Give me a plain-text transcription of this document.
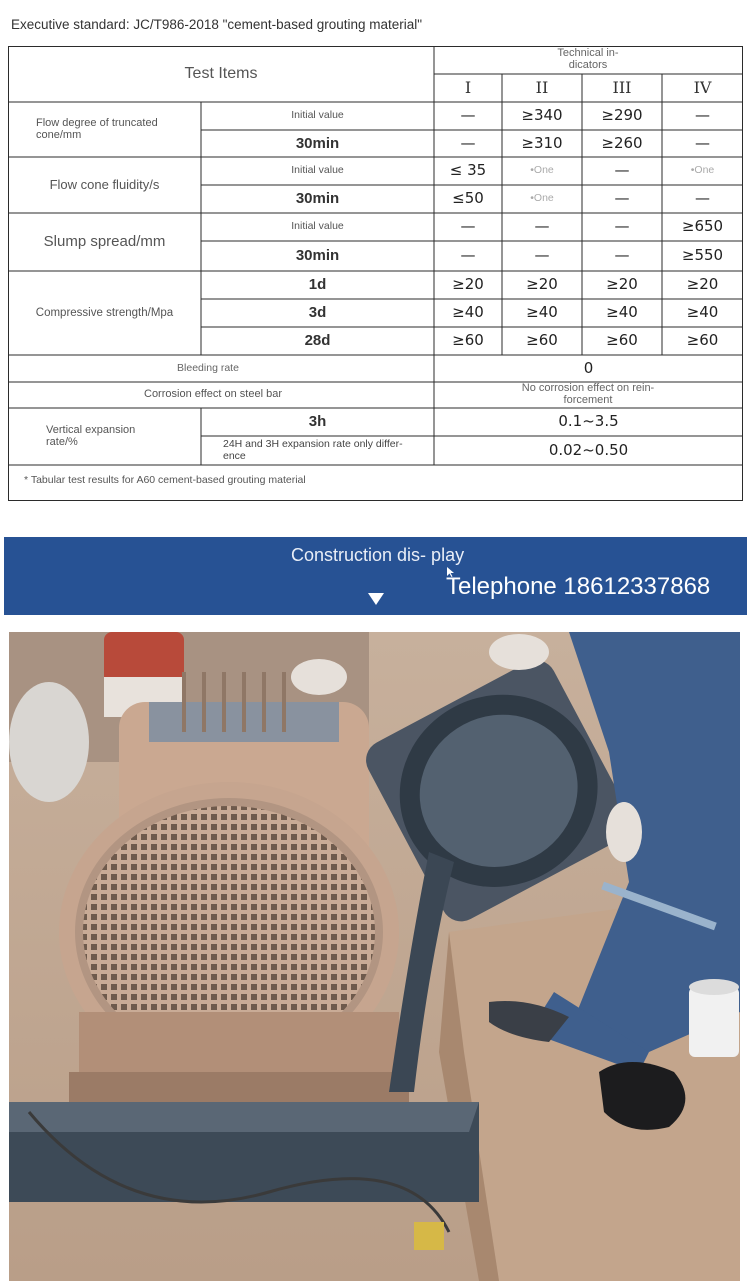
Executive standard: JC/T986-2018 "cement-based grouting material"
Test Items
Technical in- dicators
I	II	III	IV
Flow degree of truncated cone/mm
Initial value	—	≥340	≥290	—
30min	—	≥310	≥260	—
Flow cone fluidity/s
Initial value	≤ 35	•One	—	•One
30min	≤50	•One	—	—
Slump spread/mm
Initial value	—	—	—	≥650
30min	—	—	—	≥550
Compressive strength/Mpa
1d	≥20	≥20	≥20	≥20
3d	≥40	≥40	≥40	≥40
28d	≥60	≥60	≥60	≥60
Bleeding rate	0
Corrosion effect on steel bar	No corrosion effect on rein- forcement
Vertical expansion rate/%
3h	0.1~3.5
24H and 3H expansion rate only differ- ence	0.02~0.50
* Tabular test results for A60 cement-based grouting material
Construction dis- play
Telephone 18612337868
